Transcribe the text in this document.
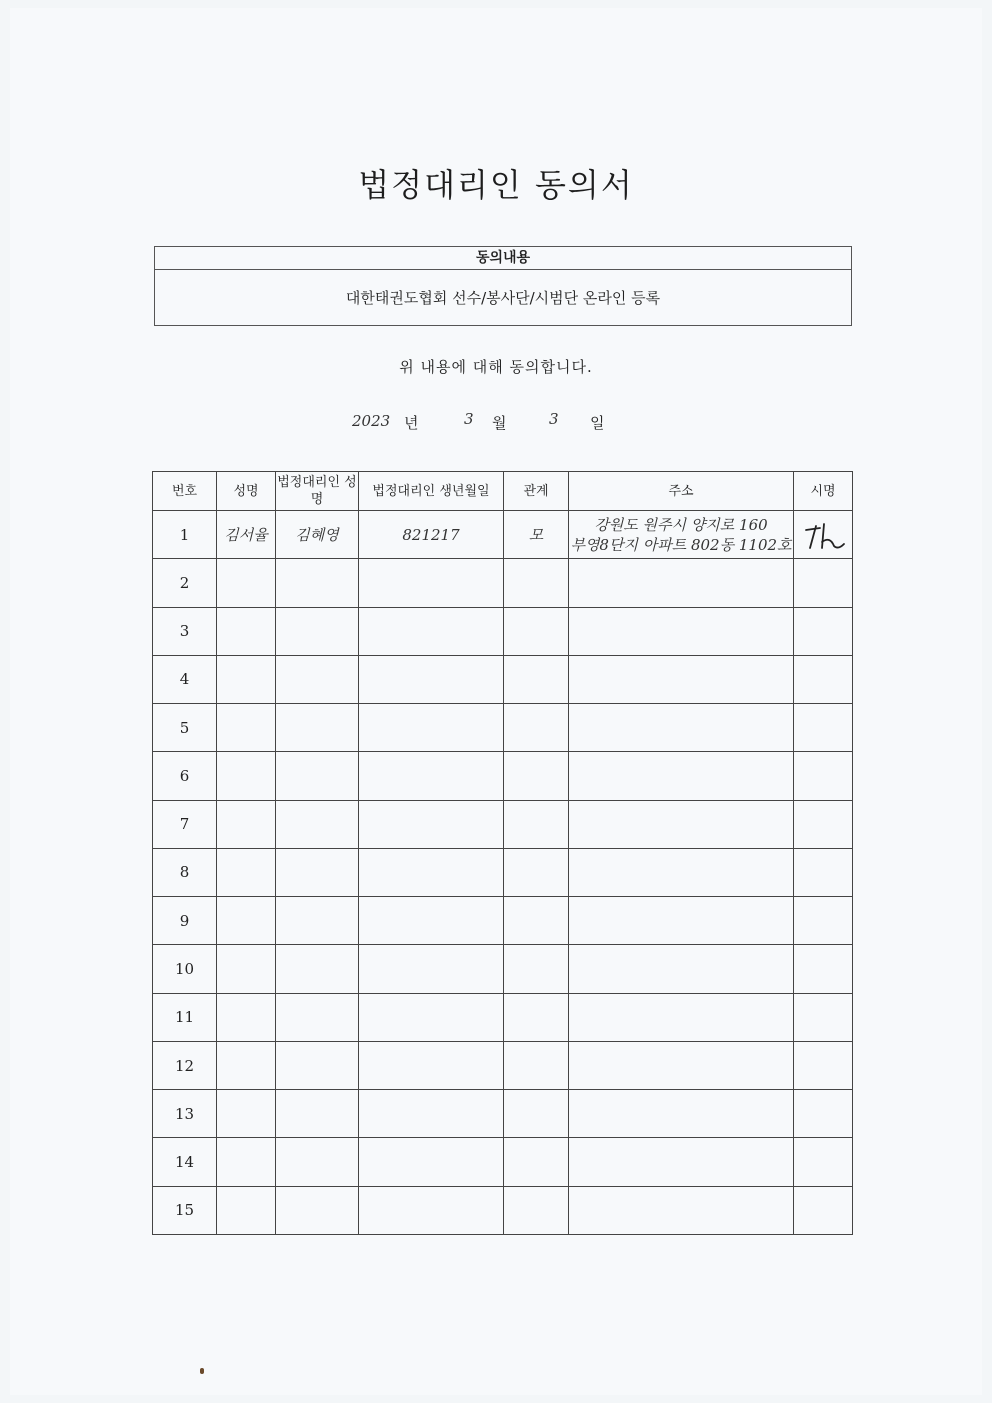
법정대리인 동의서
동의내용
대한태권도협회 선수/봉사단/시범단 온라인 등록
위 내용에 대해 동의합니다.
2023 년	3 월	3 일
번호	성명	법정대리인 성명	법정대리인 생년월일	관계	주소	시명
1	김서율	김혜영	821217	모	강원도 원주시 양지로 160
부영8단지 아파트 802동 1102호

2						
3						
4						
5						
6						
7						
8						
9						
10						
11						
12						
13						
14						
15						
